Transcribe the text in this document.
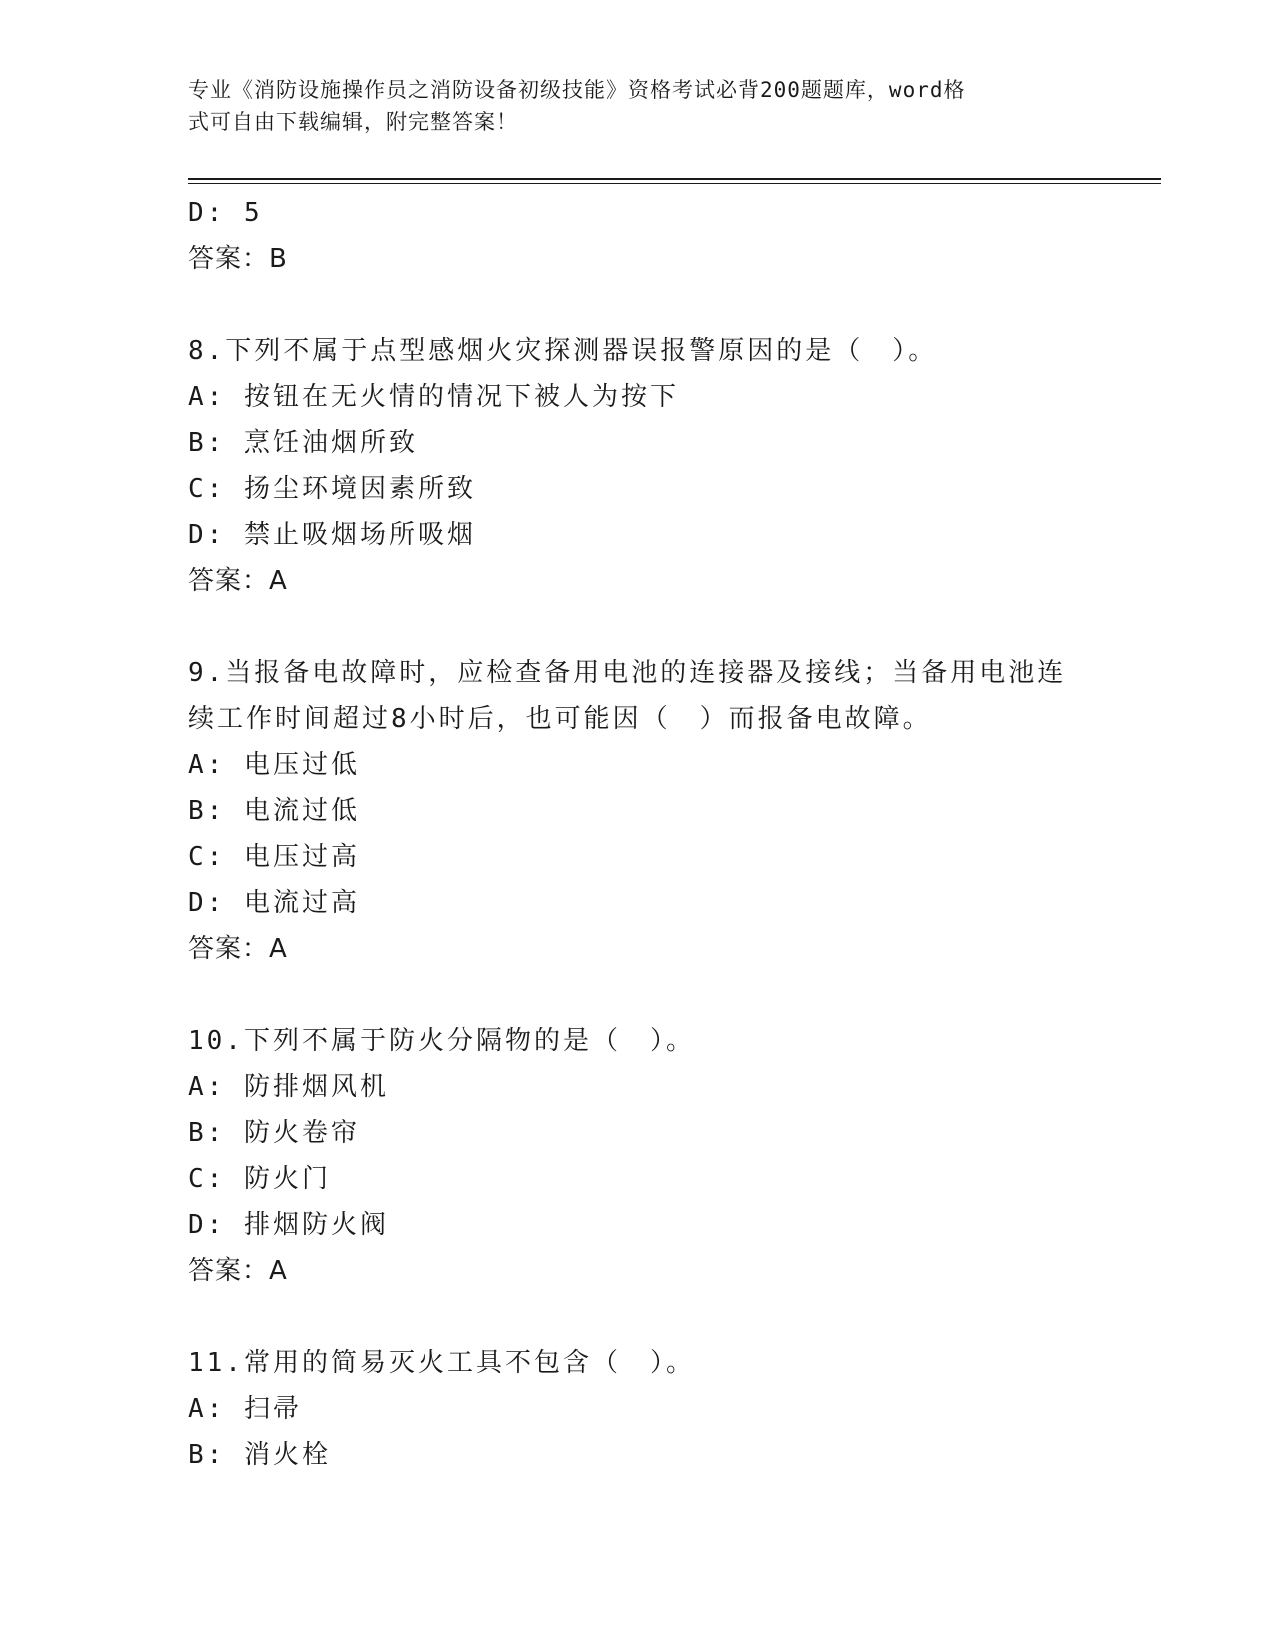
专业《消防设施操作员之消防设备初级技能》资格考试必背200题题库，word格
式可自由下载编辑，附完整答案！
D: 5
答案：B
8.下列不属于点型感烟火灾探测器误报警原因的是（　）。
A: 按钮在无火情的情况下被人为按下
B: 烹饪油烟所致
C: 扬尘环境因素所致
D: 禁止吸烟场所吸烟
答案：A
9.当报备电故障时，应检查备用电池的连接器及接线；当备用电池连
续工作时间超过8小时后，也可能因（　）而报备电故障。
A: 电压过低
B: 电流过低
C: 电压过高
D: 电流过高
答案：A
10.下列不属于防火分隔物的是（　）。
A: 防排烟风机
B: 防火卷帘
C: 防火门
D: 排烟防火阀
答案：A
11.常用的简易灭火工具不包含（　）。
A: 扫帚
B: 消火栓
